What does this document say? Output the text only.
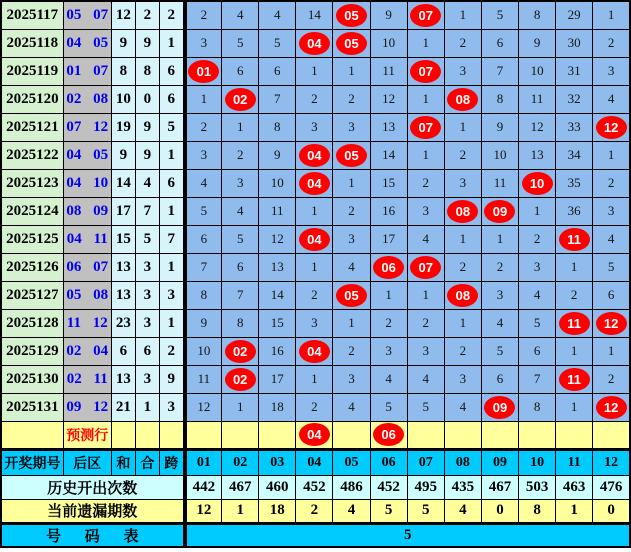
2025117	05 07	12	2	2	2	4	4	14	05	9	07	1	5	8	29	1
2025118	04 05	9	9	1	3	5	5	04	05	10	1	2	6	9	30	2
2025119	01 07	8	8	6	01	6	6	1	1	11	07	3	7	10	31	3
2025120	02 08	10	0	6	1	02	7	2	2	12	1	08	8	11	32	4
2025121	07 12	19	9	5	2	1	8	3	3	13	07	1	9	12	33	12
2025122	04 05	9	9	1	3	2	9	04	05	14	1	2	10	13	34	1
2025123	04 10	14	4	6	4	3	10	04	1	15	2	3	11	10	35	2
2025124	08 09	17	7	1	5	4	11	1	2	16	3	08	09	1	36	3
2025125	04 11	15	5	7	6	5	12	04	3	17	4	1	1	2	11	4
2025126	06 07	13	3	1	7	6	13	1	4	06	07	2	2	3	1	5
2025127	05 08	13	3	3	8	7	14	2	05	1	1	08	3	4	2	6
2025128	11 12	23	3	1	9	8	15	3	1	2	2	1	4	5	11	12
2025129	02 04	6	6	2	10	02	16	04	2	3	3	2	5	6	1	1
2025130	02 11	13	3	9	11	02	17	1	3	4	4	3	6	7	11	2
2025131	09 12	21	1	3	12	1	18	2	4	5	5	4	09	8	1	12
	预测行							04		06						
开奖期号	后区	和	合	跨	01	02	03	04	05	06	07	08	09	10	11	12
历史开出次数					442	467	460	452	486	452	495	435	467	503	463	476
当前遗漏期数					12	1	18	2	4	5	5	4	0	8	1	0
号 码 表					5											
